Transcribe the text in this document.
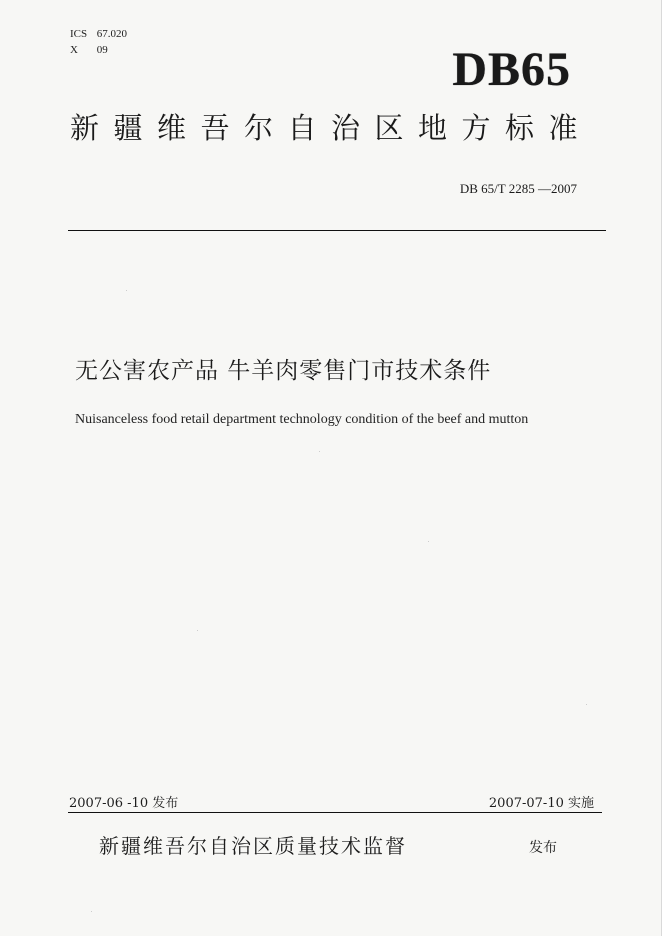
ICS 67.020
X 09	DB65
新疆维吾尔自治区地方标准
DB 65/T 2285 —2007
无公害农产品 牛羊肉零售门市技术条件
Nuisanceless food retail department technology condition of the beef and mutton
2007-06 -10 发布	2007-07-10 实施
新疆维吾尔自治区质量技术监督	发布
